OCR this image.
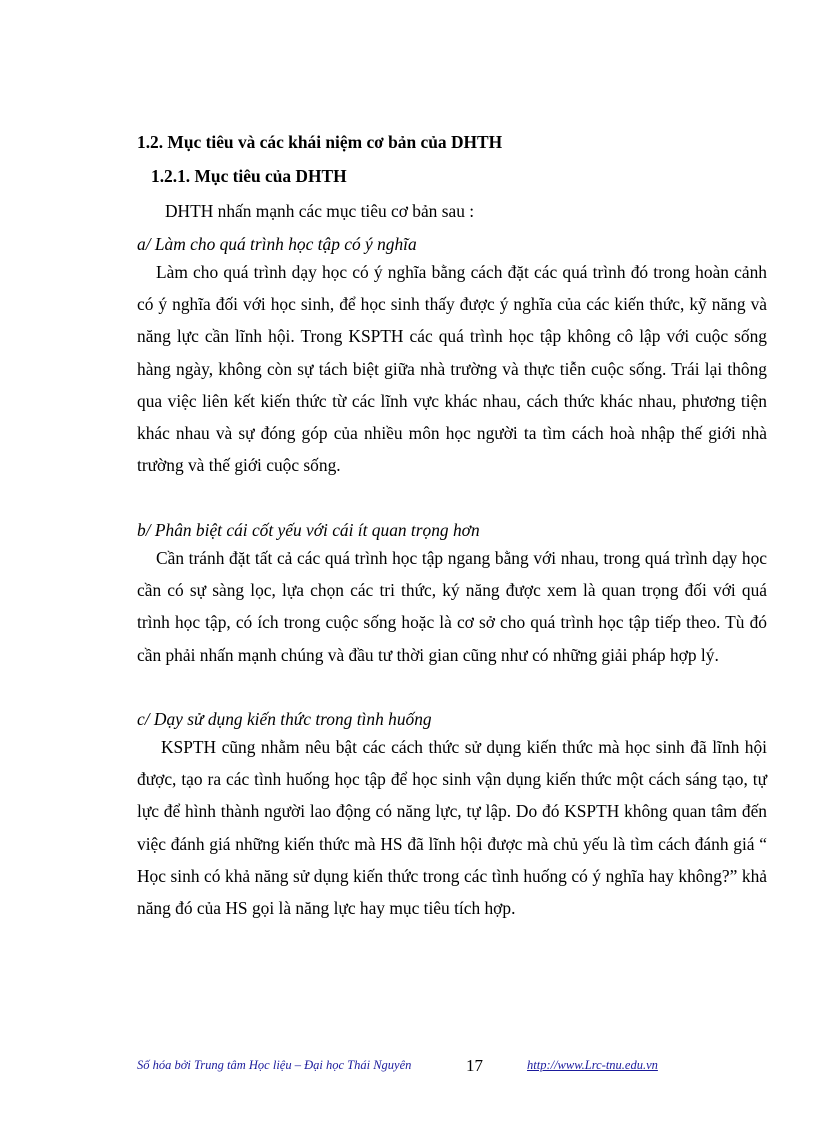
1.2. Mục tiêu và các khái niệm cơ bản của DHTH
1.2.1. Mục tiêu của DHTH
DHTH nhấn mạnh các mục tiêu cơ bản sau :
a/ Làm cho quá trình học tập có ý nghĩa

Làm cho quá trình dạy học có ý nghĩa bằng cách đặt các quá trình đó trong hoàn cảnh có ý nghĩa đối với học sinh, để học sinh thấy được ý nghĩa của các kiến thức, kỹ năng và năng lực cần lĩnh hội. Trong KSPTH các quá trình học tập không cô lập với cuộc sống hàng ngày, không còn sự tách biệt giữa nhà trường và thực tiễn cuộc sống. Trái lại thông qua việc liên kết kiến thức từ các lĩnh vực khác nhau, cách thức khác nhau, phương tiện khác nhau và sự đóng góp của nhiều môn học người ta tìm cách hoà nhập thế giới nhà trường và thế giới cuộc sống.

b/ Phân biệt cái cốt yếu với cái ít quan trọng hơn

Cần tránh đặt tất cả các quá trình học tập ngang bằng với nhau, trong quá trình dạy học cần có sự sàng lọc, lựa chọn các tri thức, ký năng được xem là quan trọng đối với quá trình học tập, có ích trong cuộc sống hoặc là cơ sở cho quá trình học tập tiếp theo. Tù đó cần phải nhấn mạnh chúng và đầu tư thời gian cũng như có những giải pháp hợp lý.

c/ Dạy sử dụng kiến thức trong tình huống

KSPTH cũng nhằm nêu bật các cách thức sử dụng kiến thức mà học sinh đã lĩnh hội được, tạo ra các tình huống học tập để học sinh vận dụng kiến thức một cách sáng tạo, tự lực để hình thành người lao động có năng lực, tự lập. Do đó KSPTH không quan tâm đến việc đánh giá những kiến thức mà HS đã lĩnh hội được mà chủ yếu là tìm cách đánh giá “ Học sinh có khả năng sử dụng kiến thức trong các tình huống có ý nghĩa hay không?” khả năng đó của HS gọi là năng lực hay mục tiêu tích hợp.

Số hóa bởi Trung tâm Học liệu – Đại học Thái Nguyên	17	http://www.Lrc-tnu.edu.vn
